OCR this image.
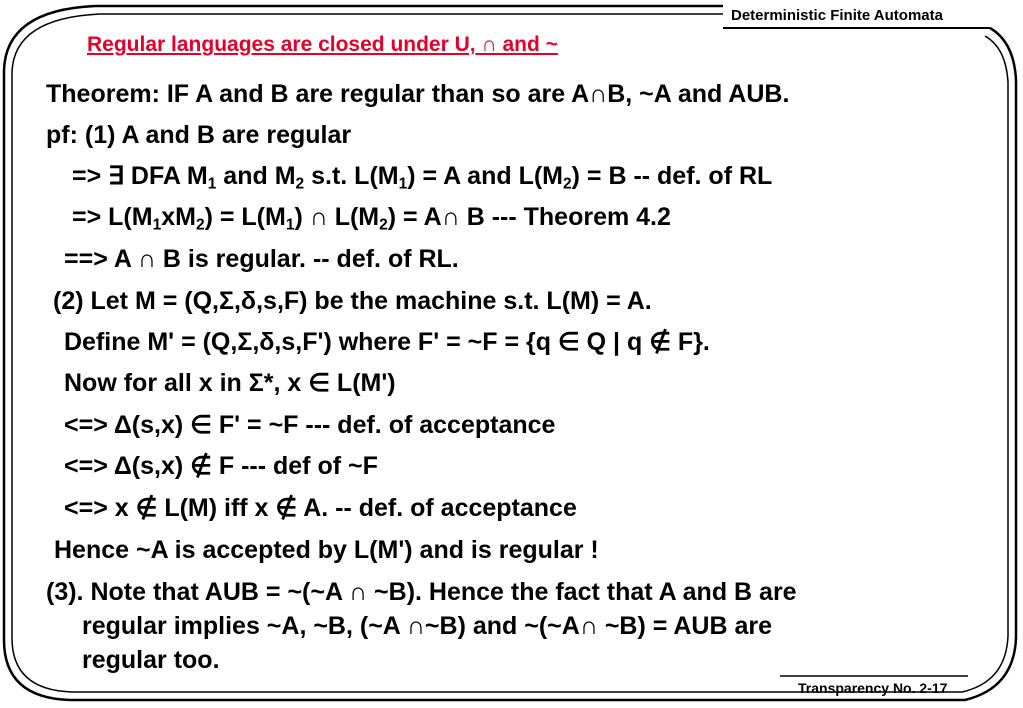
Deterministic Finite Automata
Regular languages are closed under U, ∩ and ~
Theorem: IF A and B are regular than so are A∩B, ~A and AUB.
pf: (1) A and B are regular
=> ∃ DFA $M_1$ and $M_2$ s.t. $L(M_1) = A$ and $L(M_2) = B$ -- def. of RL
=> $L(M_1xM_2) = L(M_1)$ ∩ $L(M_2)$ = A∩ B --- Theorem 4.2
==> A ∩ B is regular. -- def. of RL.
(2) Let M = (Q,Σ,δ,s,F) be the machine s.t. L(M) = A.
Define M' = (Q,Σ,δ,s,F') where F' = ~F = {q ∈ Q | q ∉ F}.
Now for all x in Σ*, x ∈ L(M')
<=> Δ(s,x) ∈ F' = ~F --- def. of acceptance
<=> Δ(s,x) ∉ F --- def of ~F
<=> x ∉ L(M) iff x ∉ A. -- def. of acceptance
Hence ~A is accepted by L(M') and is regular !
(3). Note that AUB = ~(~A ∩ ~B). Hence the fact that A and B are
regular implies ~A, ~B, (~A ∩~B) and ~(~A∩ ~B) = AUB are
regular too.
Transparency No. 2-17
